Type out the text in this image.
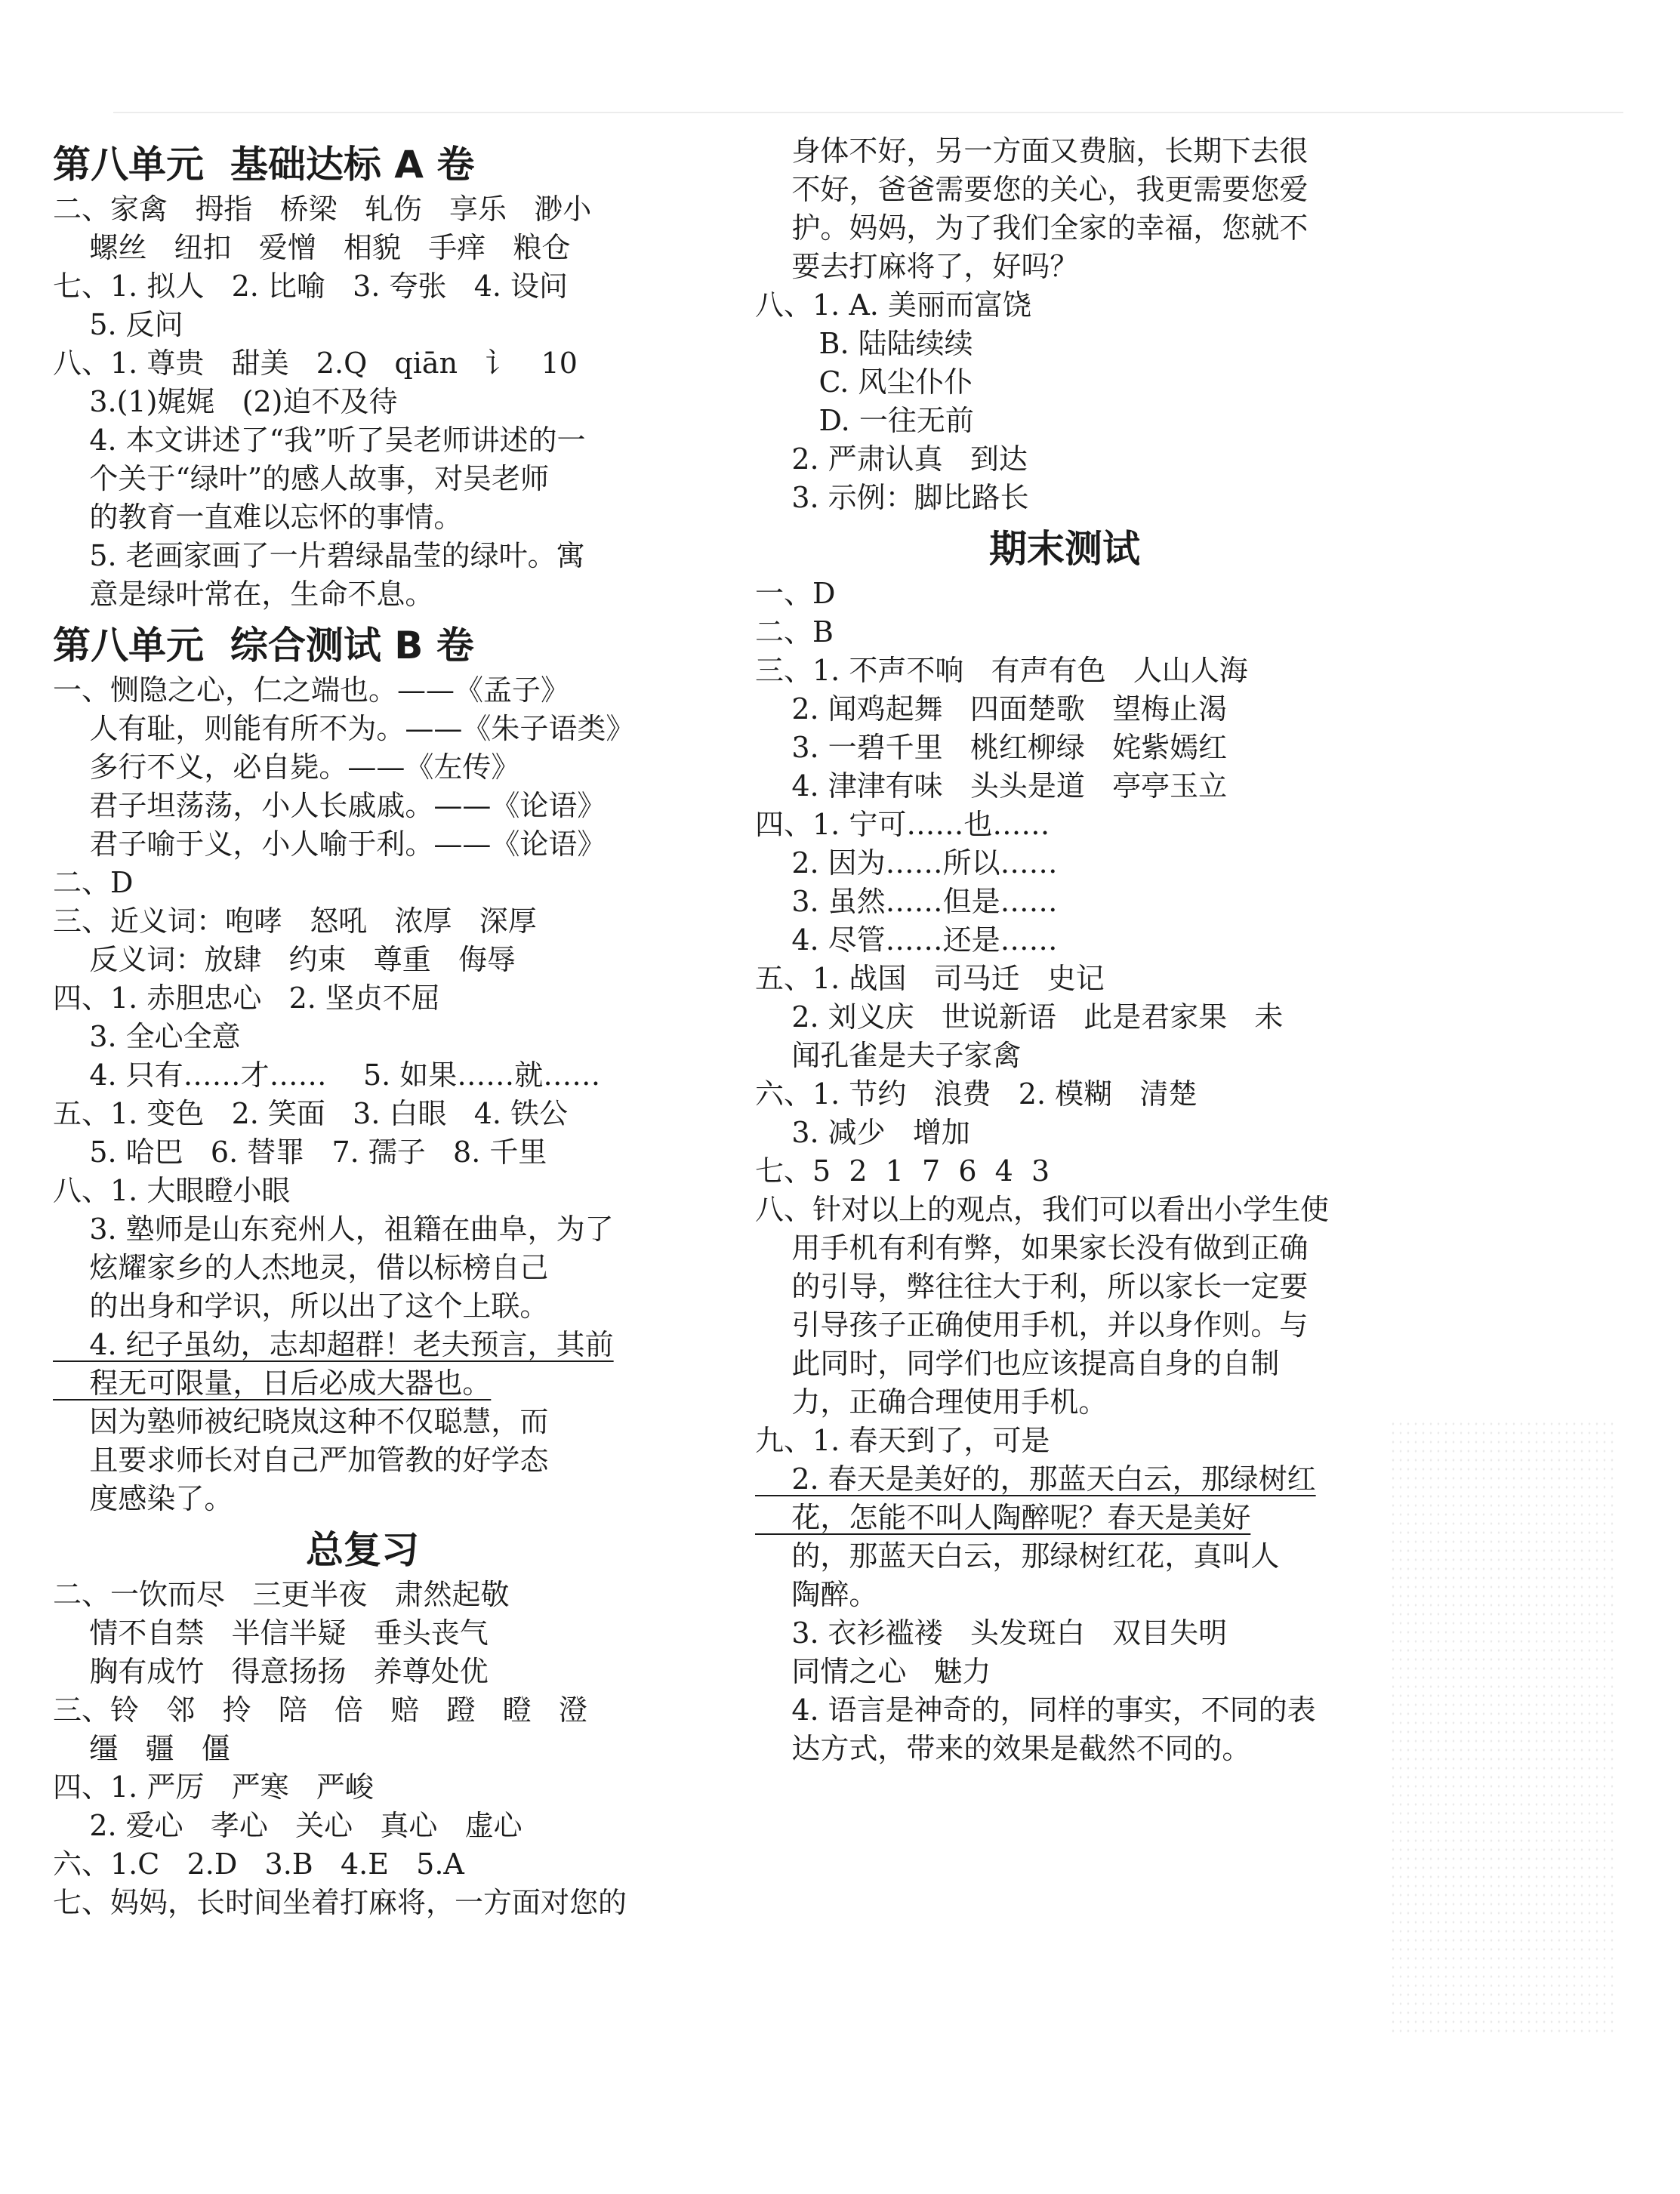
第八单元  基础达标 A 卷
二、家禽   拇指   桥梁   轧伤   享乐   渺小
螺丝   纽扣   爱憎   相貌   手痒   粮仓
七、1. 拟人   2. 比喻   3. 夸张   4. 设问
5. 反问
八、1. 尊贵   甜美   2.Q   qiān   讠   10
3.(1)娓娓   (2)迫不及待
4. 本文讲述了“我”听了吴老师讲述的一
个关于“绿叶”的感人故事，对吴老师
的教育一直难以忘怀的事情。
5. 老画家画了一片碧绿晶莹的绿叶。寓
意是绿叶常在，生命不息。
第八单元  综合测试 B 卷
一、恻隐之心，仁之端也。——《孟子》
人有耻，则能有所不为。——《朱子语类》
多行不义，必自毙。——《左传》
君子坦荡荡，小人长戚戚。——《论语》
君子喻于义，小人喻于利。——《论语》
二、D
三、近义词：咆哮   怒吼   浓厚   深厚
反义词：放肆   约束   尊重   侮辱
四、1. 赤胆忠心   2. 坚贞不屈
3. 全心全意
4. 只有……才……    5. 如果……就……
五、1. 变色   2. 笑面   3. 白眼   4. 铁公
5. 哈巴   6. 替罪   7. 孺子   8. 千里
八、1. 大眼瞪小眼
3. 塾师是山东兖州人，祖籍在曲阜，为了
炫耀家乡的人杰地灵，借以标榜自己
的出身和学识，所以出了这个上联。
4. 纪子虽幼，志却超群！老夫预言，其前
程无可限量，日后必成大器也。
因为塾师被纪晓岚这种不仅聪慧，而
且要求师长对自己严加管教的好学态
度感染了。
总复习
二、一饮而尽   三更半夜   肃然起敬
情不自禁   半信半疑   垂头丧气
胸有成竹   得意扬扬   养尊处优
三、铃   邻   拎   陪   倍   赔   蹬   瞪   澄
缰   疆   僵
四、1. 严厉   严寒   严峻
2. 爱心   孝心   关心   真心   虚心
六、1.C   2.D   3.B   4.E   5.A
七、妈妈，长时间坐着打麻将，一方面对您的
身体不好，另一方面又费脑，长期下去很
不好，爸爸需要您的关心，我更需要您爱
护。妈妈，为了我们全家的幸福，您就不
要去打麻将了，好吗？
八、1. A. 美丽而富饶
B. 陆陆续续
C. 风尘仆仆
D. 一往无前
2. 严肃认真   到达
3. 示例：脚比路长
期末测试
一、D
二、B
三、1. 不声不响   有声有色   人山人海
2. 闻鸡起舞   四面楚歌   望梅止渴
3. 一碧千里   桃红柳绿   姹紫嫣红
4. 津津有味   头头是道   亭亭玉立
四、1. 宁可……也……
2. 因为……所以……
3. 虽然……但是……
4. 尽管……还是……
五、1. 战国   司马迁   史记
2. 刘义庆   世说新语   此是君家果   未
闻孔雀是夫子家禽
六、1. 节约   浪费   2. 模糊   清楚
3. 减少   增加
七、5  2  1  7  6  4  3
八、针对以上的观点，我们可以看出小学生使
用手机有利有弊，如果家长没有做到正确
的引导，弊往往大于利，所以家长一定要
引导孩子正确使用手机，并以身作则。与
此同时，同学们也应该提高自身的自制
力，正确合理使用手机。
九、1. 春天到了，可是
2. 春天是美好的，那蓝天白云，那绿树红
花，怎能不叫人陶醉呢？春天是美好
的，那蓝天白云，那绿树红花，真叫人
陶醉。
3. 衣衫褴褛   头发斑白   双目失明
同情之心   魅力
4. 语言是神奇的，同样的事实，不同的表
达方式，带来的效果是截然不同的。
